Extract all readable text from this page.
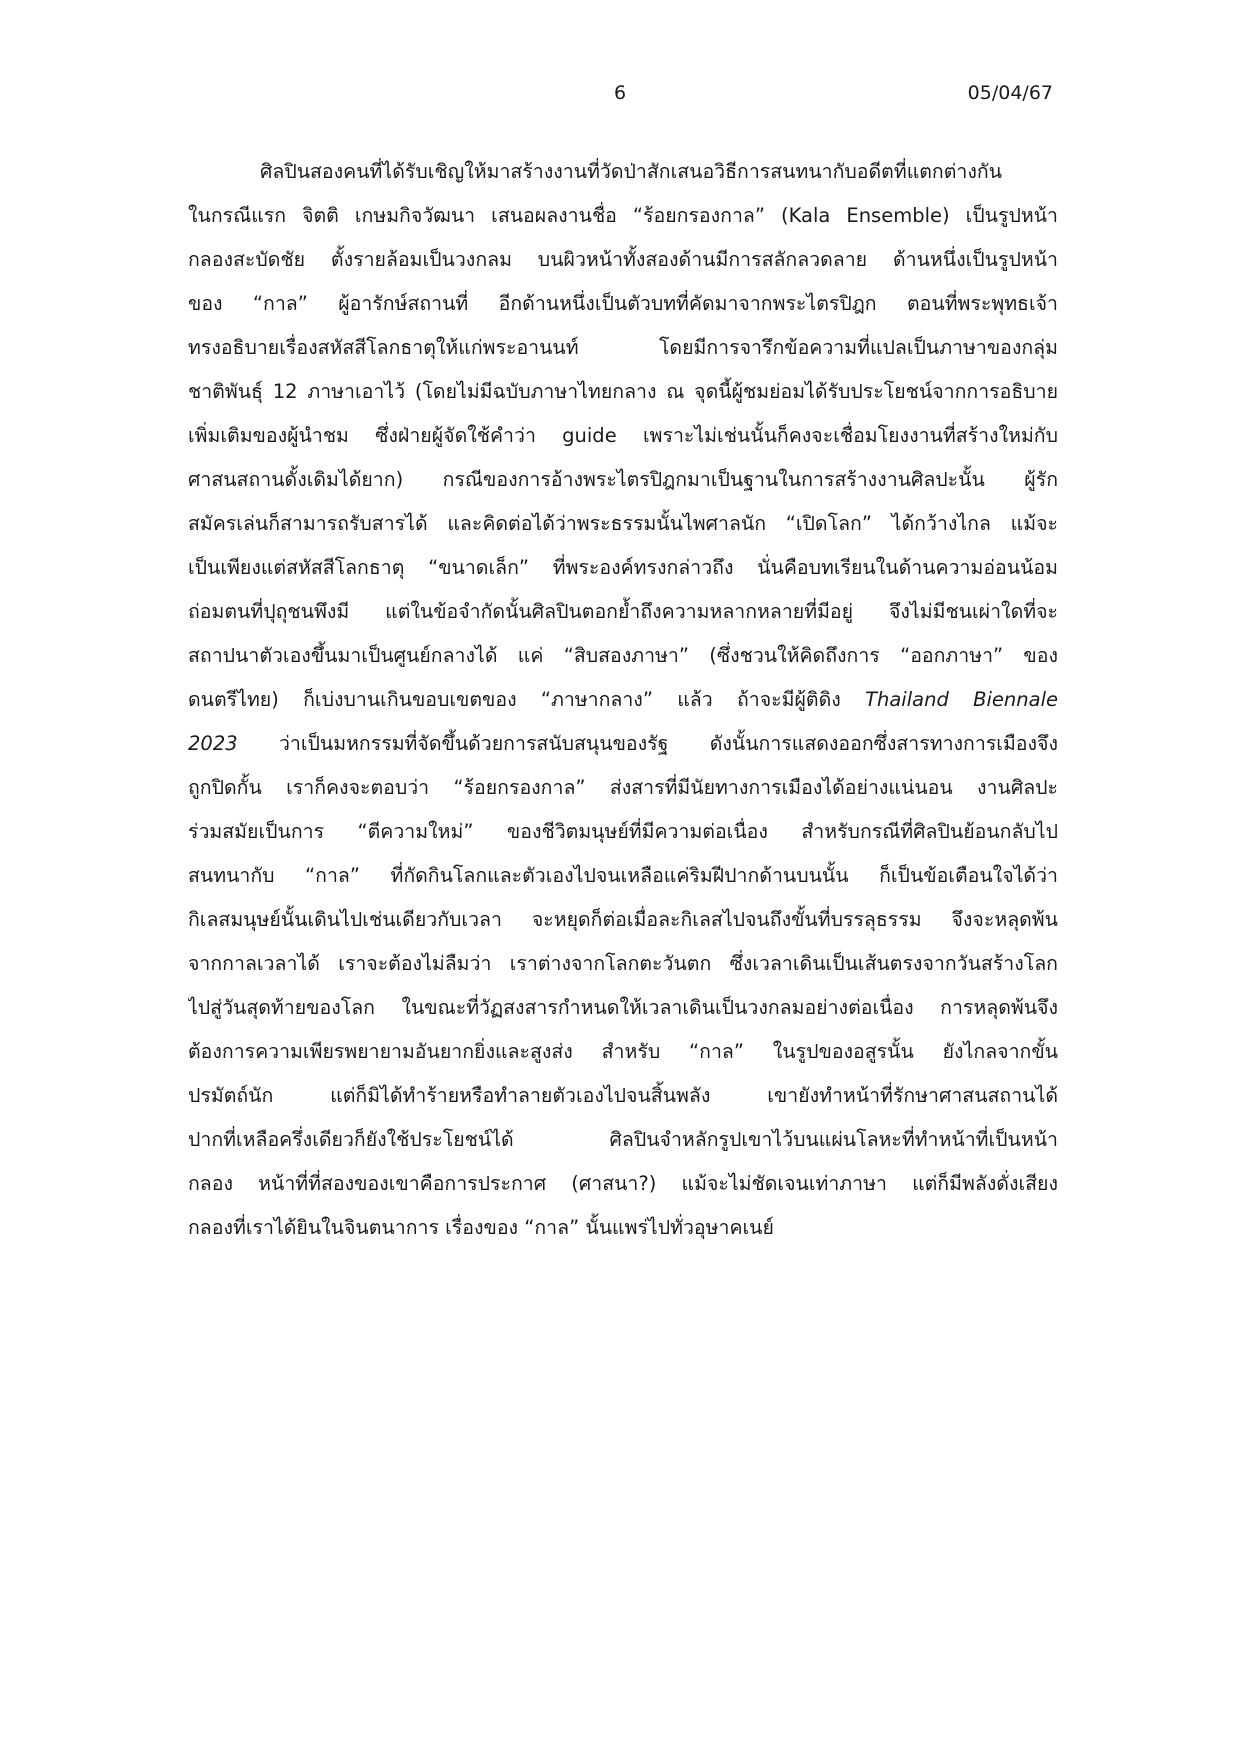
6	05/04/67
ศิลปินสองคนที่ได้รับเชิญให้มาสร้างงานที่วัดป่าสักเสนอวิธีการสนทนากับอดีตที่แตกต่างกัน
ในกรณีแรก จิตติ เกษมกิจวัฒนา เสนอผลงานชื่อ “ร้อยกรองกาล” (Kala Ensemble) เป็นรูปหน้า
กลองสะบัดชัย ตั้งรายล้อมเป็นวงกลม บนผิวหน้าทั้งสองด้านมีการสลักลวดลาย ด้านหนึ่งเป็นรูปหน้า
ของ “กาล” ผู้อารักษ์สถานที่ อีกด้านหนึ่งเป็นตัวบทที่คัดมาจากพระไตรปิฎก ตอนที่พระพุทธเจ้า
ทรงอธิบายเรื่องสหัสสีโลกธาตุให้แก่พระอานนท์ โดยมีการจารึกข้อความที่แปลเป็นภาษาของกลุ่ม
ชาติพันธุ์ 12 ภาษาเอาไว้ (โดยไม่มีฉบับภาษาไทยกลาง ณ จุดนี้ผู้ชมย่อมได้รับประโยชน์จากการอธิบาย
เพิ่มเติมของผู้นำชม ซึ่งฝ่ายผู้จัดใช้คำว่า guide เพราะไม่เช่นนั้นก็คงจะเชื่อมโยงงานที่สร้างใหม่กับ
ศาสนสถานดั้งเดิมได้ยาก) กรณีของการอ้างพระไตรปิฎกมาเป็นฐานในการสร้างงานศิลปะนั้น ผู้รัก
สมัครเล่นก็สามารถรับสารได้ และคิดต่อได้ว่าพระธรรมนั้นไพศาลนัก “เปิดโลก” ได้กว้างไกล แม้จะ
เป็นเพียงแต่สหัสสีโลกธาตุ “ขนาดเล็ก” ที่พระองค์ทรงกล่าวถึง นั่นคือบทเรียนในด้านความอ่อนน้อม
ถ่อมตนที่ปุถุชนพึงมี แต่ในข้อจำกัดนั้นศิลปินตอกย้ำถึงความหลากหลายที่มีอยู่ จึงไม่มีชนเผ่าใดที่จะ
สถาปนาตัวเองขึ้นมาเป็นศูนย์กลางได้ แค่ “สิบสองภาษา” (ซึ่งชวนให้คิดถึงการ “ออกภาษา” ของ
ดนตรีไทย) ก็เบ่งบานเกินขอบเขตของ “ภาษากลาง” แล้ว ถ้าจะมีผู้ติดิง Thailand Biennale
2023 ว่าเป็นมหกรรมที่จัดขึ้นด้วยการสนับสนุนของรัฐ ดังนั้นการแสดงออกซึ่งสารทางการเมืองจึง
ถูกปิดกั้น เราก็คงจะตอบว่า “ร้อยกรองกาล” ส่งสารที่มีนัยทางการเมืองได้อย่างแน่นอน งานศิลปะ
ร่วมสมัยเป็นการ “ตีความใหม่” ของชีวิตมนุษย์ที่มีความต่อเนื่อง สำหรับกรณีที่ศิลปินย้อนกลับไป
สนทนากับ “กาล” ที่กัดกินโลกและตัวเองไปจนเหลือแค่ริมฝีปากด้านบนนั้น ก็เป็นข้อเตือนใจได้ว่า
กิเลสมนุษย์นั้นเดินไปเช่นเดียวกับเวลา จะหยุดก็ต่อเมื่อละกิเลสไปจนถึงขั้นที่บรรลุธรรม จึงจะหลุดพ้น
จากกาลเวลาได้ เราจะต้องไม่ลืมว่า เราต่างจากโลกตะวันตก ซึ่งเวลาเดินเป็นเส้นตรงจากวันสร้างโลก
ไปสู่วันสุดท้ายของโลก ในขณะที่วัฏสงสารกำหนดให้เวลาเดินเป็นวงกลมอย่างต่อเนื่อง การหลุดพ้นจึง
ต้องการความเพียรพยายามอันยากยิ่งและสูงส่ง สำหรับ “กาล” ในรูปของอสูรนั้น ยังไกลจากขั้น
ปรมัตถ์นัก แต่ก็มิได้ทำร้ายหรือทำลายตัวเองไปจนสิ้นพลัง เขายังทำหน้าที่รักษาศาสนสถานได้
ปากที่เหลือครึ่งเดียวก็ยังใช้ประโยชน์ได้ ศิลปินจำหลักรูปเขาไว้บนแผ่นโลหะที่ทำหน้าที่เป็นหน้า
กลอง หน้าที่ที่สองของเขาคือการประกาศ (ศาสนา?) แม้จะไม่ชัดเจนเท่าภาษา แต่ก็มีพลังดั่งเสียง
กลองที่เราได้ยินในจินตนาการ เรื่องของ “กาล” นั้นแพร่ไปทั่วอุษาคเนย์
